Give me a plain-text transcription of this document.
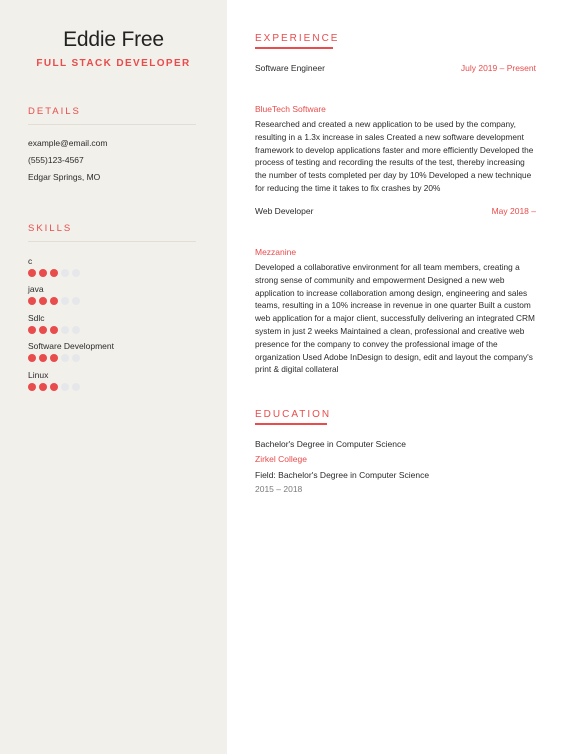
Eddie Free
FULL STACK DEVELOPER
DETAILS
example@email.com
(555)123-4567
Edgar Springs, MO
SKILLS
c
java
Sdlc
Software Development
Linux
EXPERIENCE
Software Engineer	July 2019 – Present
BlueTech Software
Researched and created a new application to be used by the company, resulting in a 1.3x increase in sales Created a new software development framework to develop applications faster and more efficiently Developed the process of testing and recording the results of the test, thereby increasing the number of tests completed per day by 10% Developed a new technique for reducing the time it takes to fix crashes by 20%
Web Developer	May 2018 –
Mezzanine
Developed a collaborative environment for all team members, creating a strong sense of community and empowerment Designed a new web application to increase collaboration among design, engineering and sales teams, resulting in a 10% increase in revenue in one quarter Built a custom web application for a major client, successfully delivering an integrated CRM system in just 2 weeks Maintained a clean, professional and creative web presence for the company to convey the professional image of the organization Used Adobe InDesign to design, edit and layout the company's print & digital collateral
EDUCATION
Bachelor's Degree in Computer Science
Zirkel College
Field: Bachelor's Degree in Computer Science
2015 – 2018
